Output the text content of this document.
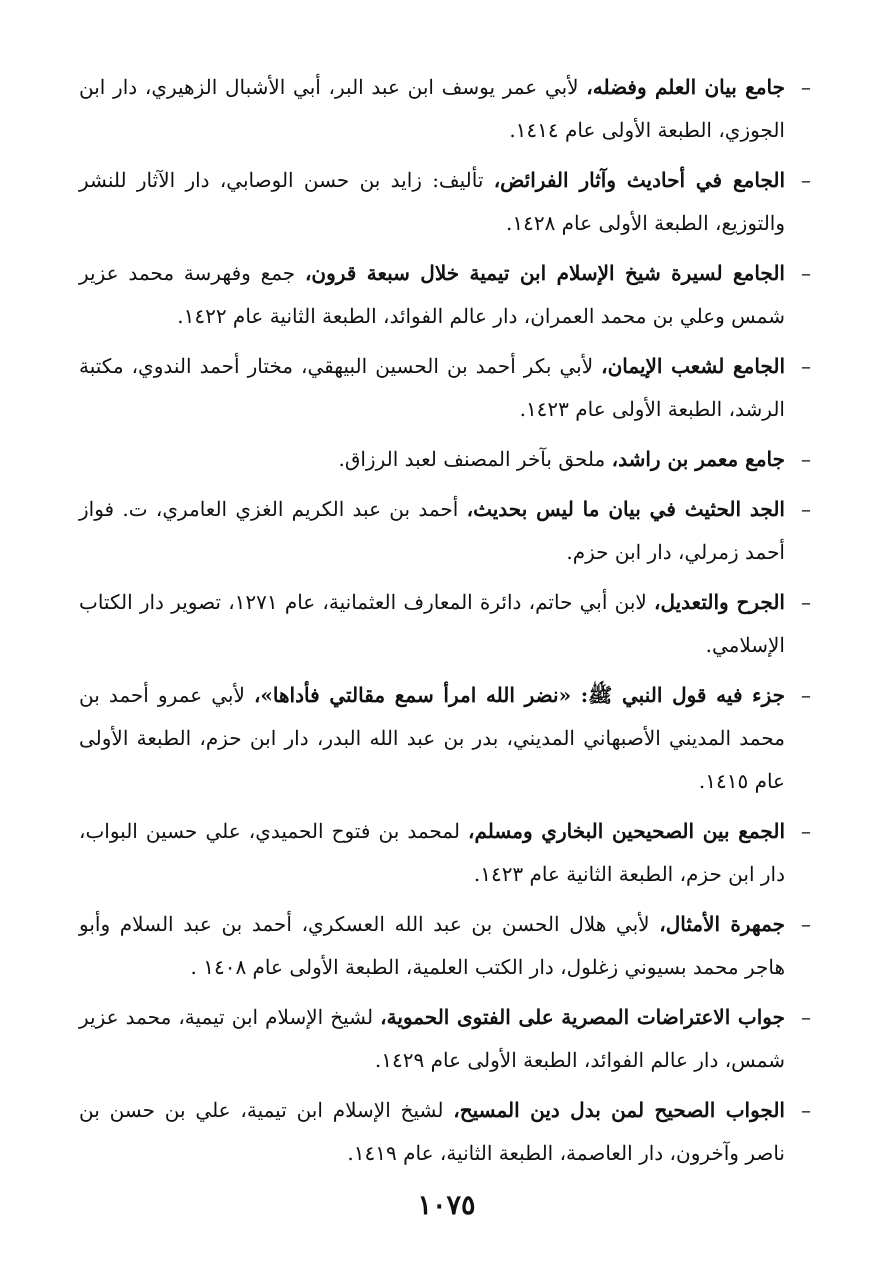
–
جامع بيان العلم وفضله، لأبي عمر يوسف ابن عبد البر، أبي الأشبال الزهيري، دار ابن الجوزي، الطبعة الأولى عام ١٤١٤.

–
الجامع في أحاديث وآثار الفرائض، تأليف: زايد بن حسن الوصابي، دار الآثار للنشر والتوزيع، الطبعة الأولى عام ١٤٢٨.

–
الجامع لسيرة شيخ الإسلام ابن تيمية خلال سبعة قرون، جمع وفهرسة محمد عزير شمس وعلي بن محمد العمران، دار عالم الفوائد، الطبعة الثانية عام ١٤٢٢.

–
الجامع لشعب الإيمان، لأبي بكر أحمد بن الحسين البيهقي، مختار أحمد الندوي، مكتبة الرشد، الطبعة الأولى عام ١٤٢٣.

–
جامع معمر بن راشد، ملحق بآخر المصنف لعبد الرزاق.

–
الجد الحثيث في بيان ما ليس بحديث، أحمد بن عبد الكريم الغزي العامري، ت. فواز أحمد زمرلي، دار ابن حزم.

–
الجرح والتعديل، لابن أبي حاتم، دائرة المعارف العثمانية، عام ١٢٧١، تصوير دار الكتاب الإسلامي.

–
جزء فيه قول النبي ﷺ: «نضر الله امرأ سمع مقالتي فأداها»، لأبي عمرو أحمد بن محمد المديني الأصبهاني المديني، بدر بن عبد الله البدر، دار ابن حزم، الطبعة الأولى عام ١٤١٥.

–
الجمع بين الصحيحين البخاري ومسلم، لمحمد بن فتوح الحميدي، علي حسين البواب، دار ابن حزم، الطبعة الثانية عام ١٤٢٣.

–
جمهرة الأمثال، لأبي هلال الحسن بن عبد الله العسكري، أحمد بن عبد السلام وأبو هاجر محمد بسيوني زغلول، دار الكتب العلمية، الطبعة الأولى عام ١٤٠٨ .

–
جواب الاعتراضات المصرية على الفتوى الحموية، لشيخ الإسلام ابن تيمية، محمد عزير شمس، دار عالم الفوائد، الطبعة الأولى عام ١٤٢٩.

–
الجواب الصحيح لمن بدل دين المسيح، لشيخ الإسلام ابن تيمية، علي بن حسن بن ناصر وآخرون، دار العاصمة، الطبعة الثانية، عام ١٤١٩.

١٠٧٥
